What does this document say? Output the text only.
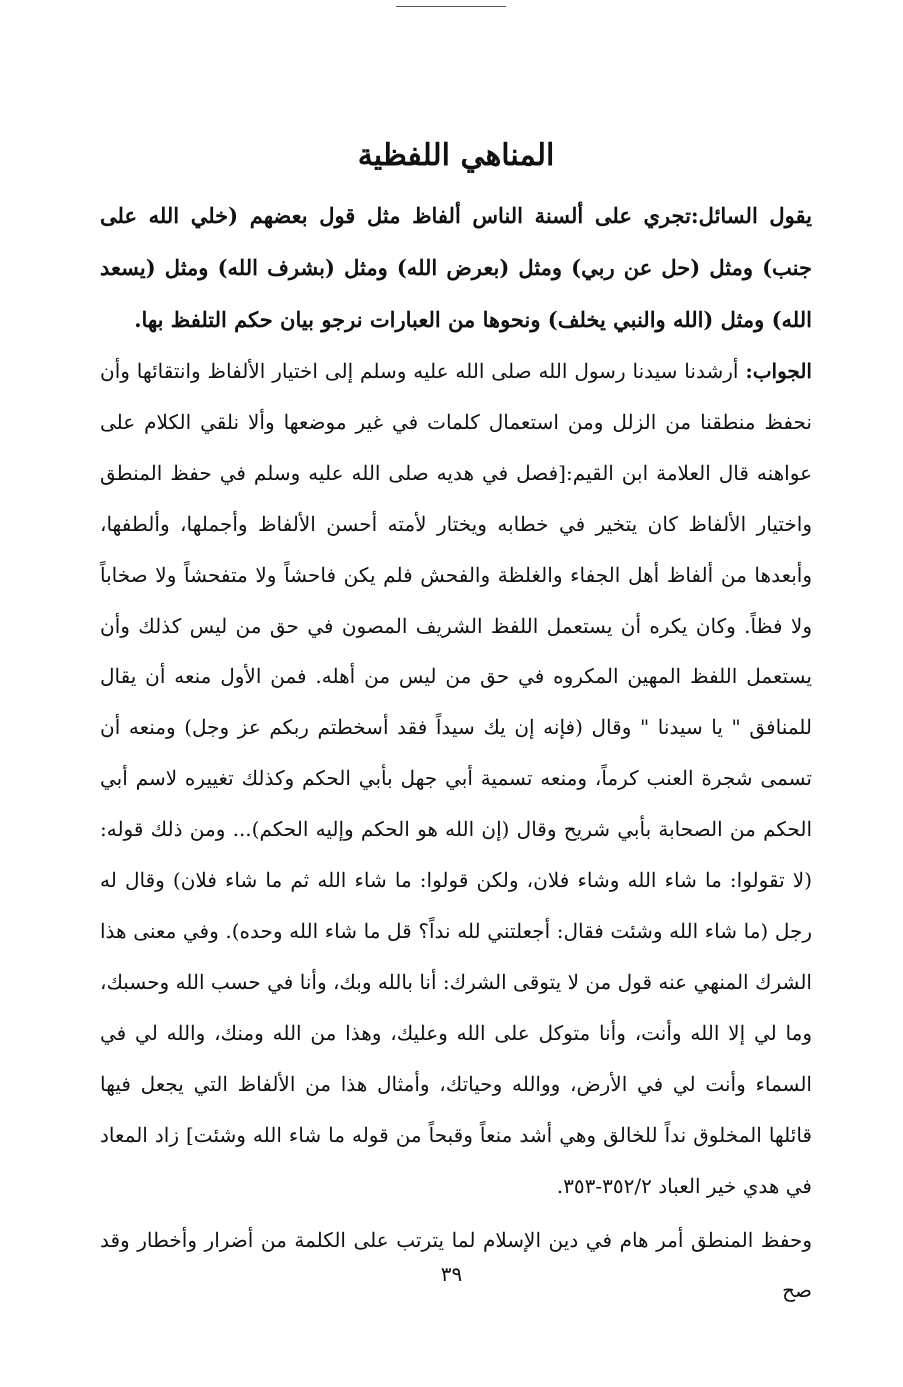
المناهي اللفظية

يقول السائل:تجري على ألسنة الناس ألفاظ مثل قول بعضهم (خلي الله على جنب) ومثل (حل عن ربي) ومثل (بعرض الله) ومثل (بشرف الله) ومثل (يسعد الله) ومثل (الله والنبي يخلف) ونحوها من العبارات نرجو بيان حكم التلفظ بها.

الجواب: أرشدنا سيدنا رسول الله صلى الله عليه وسلم إلى اختيار الألفاظ وانتقائها وأن نحفظ منطقنا من الزلل ومن استعمال كلمات في غير موضعها وألا نلقي الكلام على عواهنه قال العلامة ابن القيم:[فصل في هديه صلى الله عليه وسلم في حفظ المنطق واختيار الألفاظ كان يتخير في خطابه ويختار لأمته أحسن الألفاظ وأجملها، وألطفها، وأبعدها من ألفاظ أهل الجفاء والغلظة والفحش فلم يكن فاحشاً ولا متفحشاً ولا صخاباً ولا فظاً. وكان يكره أن يستعمل اللفظ الشريف المصون في حق من ليس كذلك وأن يستعمل اللفظ المهين المكروه في حق من ليس من أهله. فمن الأول منعه أن يقال للمنافق " يا سيدنا " وقال (فإنه إن يك سيداً فقد أسخطتم ربكم عز وجل) ومنعه أن تسمى شجرة العنب كرماً، ومنعه تسمية أبي جهل بأبي الحكم وكذلك تغييره لاسم أبي الحكم من الصحابة بأبي شريح وقال (إن الله هو الحكم وإليه الحكم)... ومن ذلك قوله: (لا تقولوا: ما شاء الله وشاء فلان، ولكن قولوا: ما شاء الله ثم ما شاء فلان) وقال له رجل (ما شاء الله وشئت فقال: أجعلتني لله نداً؟ قل ما شاء الله وحده). وفي معنى هذا الشرك المنهي عنه قول من لا يتوقى الشرك: أنا بالله وبك، وأنا في حسب الله وحسبك، وما لي إلا الله وأنت، وأنا متوكل على الله وعليك، وهذا من الله ومنك، والله لي في السماء وأنت لي في الأرض، ووالله وحياتك، وأمثال هذا من الألفاظ التي يجعل فيها قائلها المخلوق نداً للخالق وهي أشد منعاً وقبحاً من قوله ما شاء الله وشئت] زاد المعاد في هدي خير العباد ٣٥٢/٢-٣٥٣.

وحفظ المنطق أمر هام في دين الإسلام لما يترتب على الكلمة من أضرار وأخطار وقد صح

٣٩
